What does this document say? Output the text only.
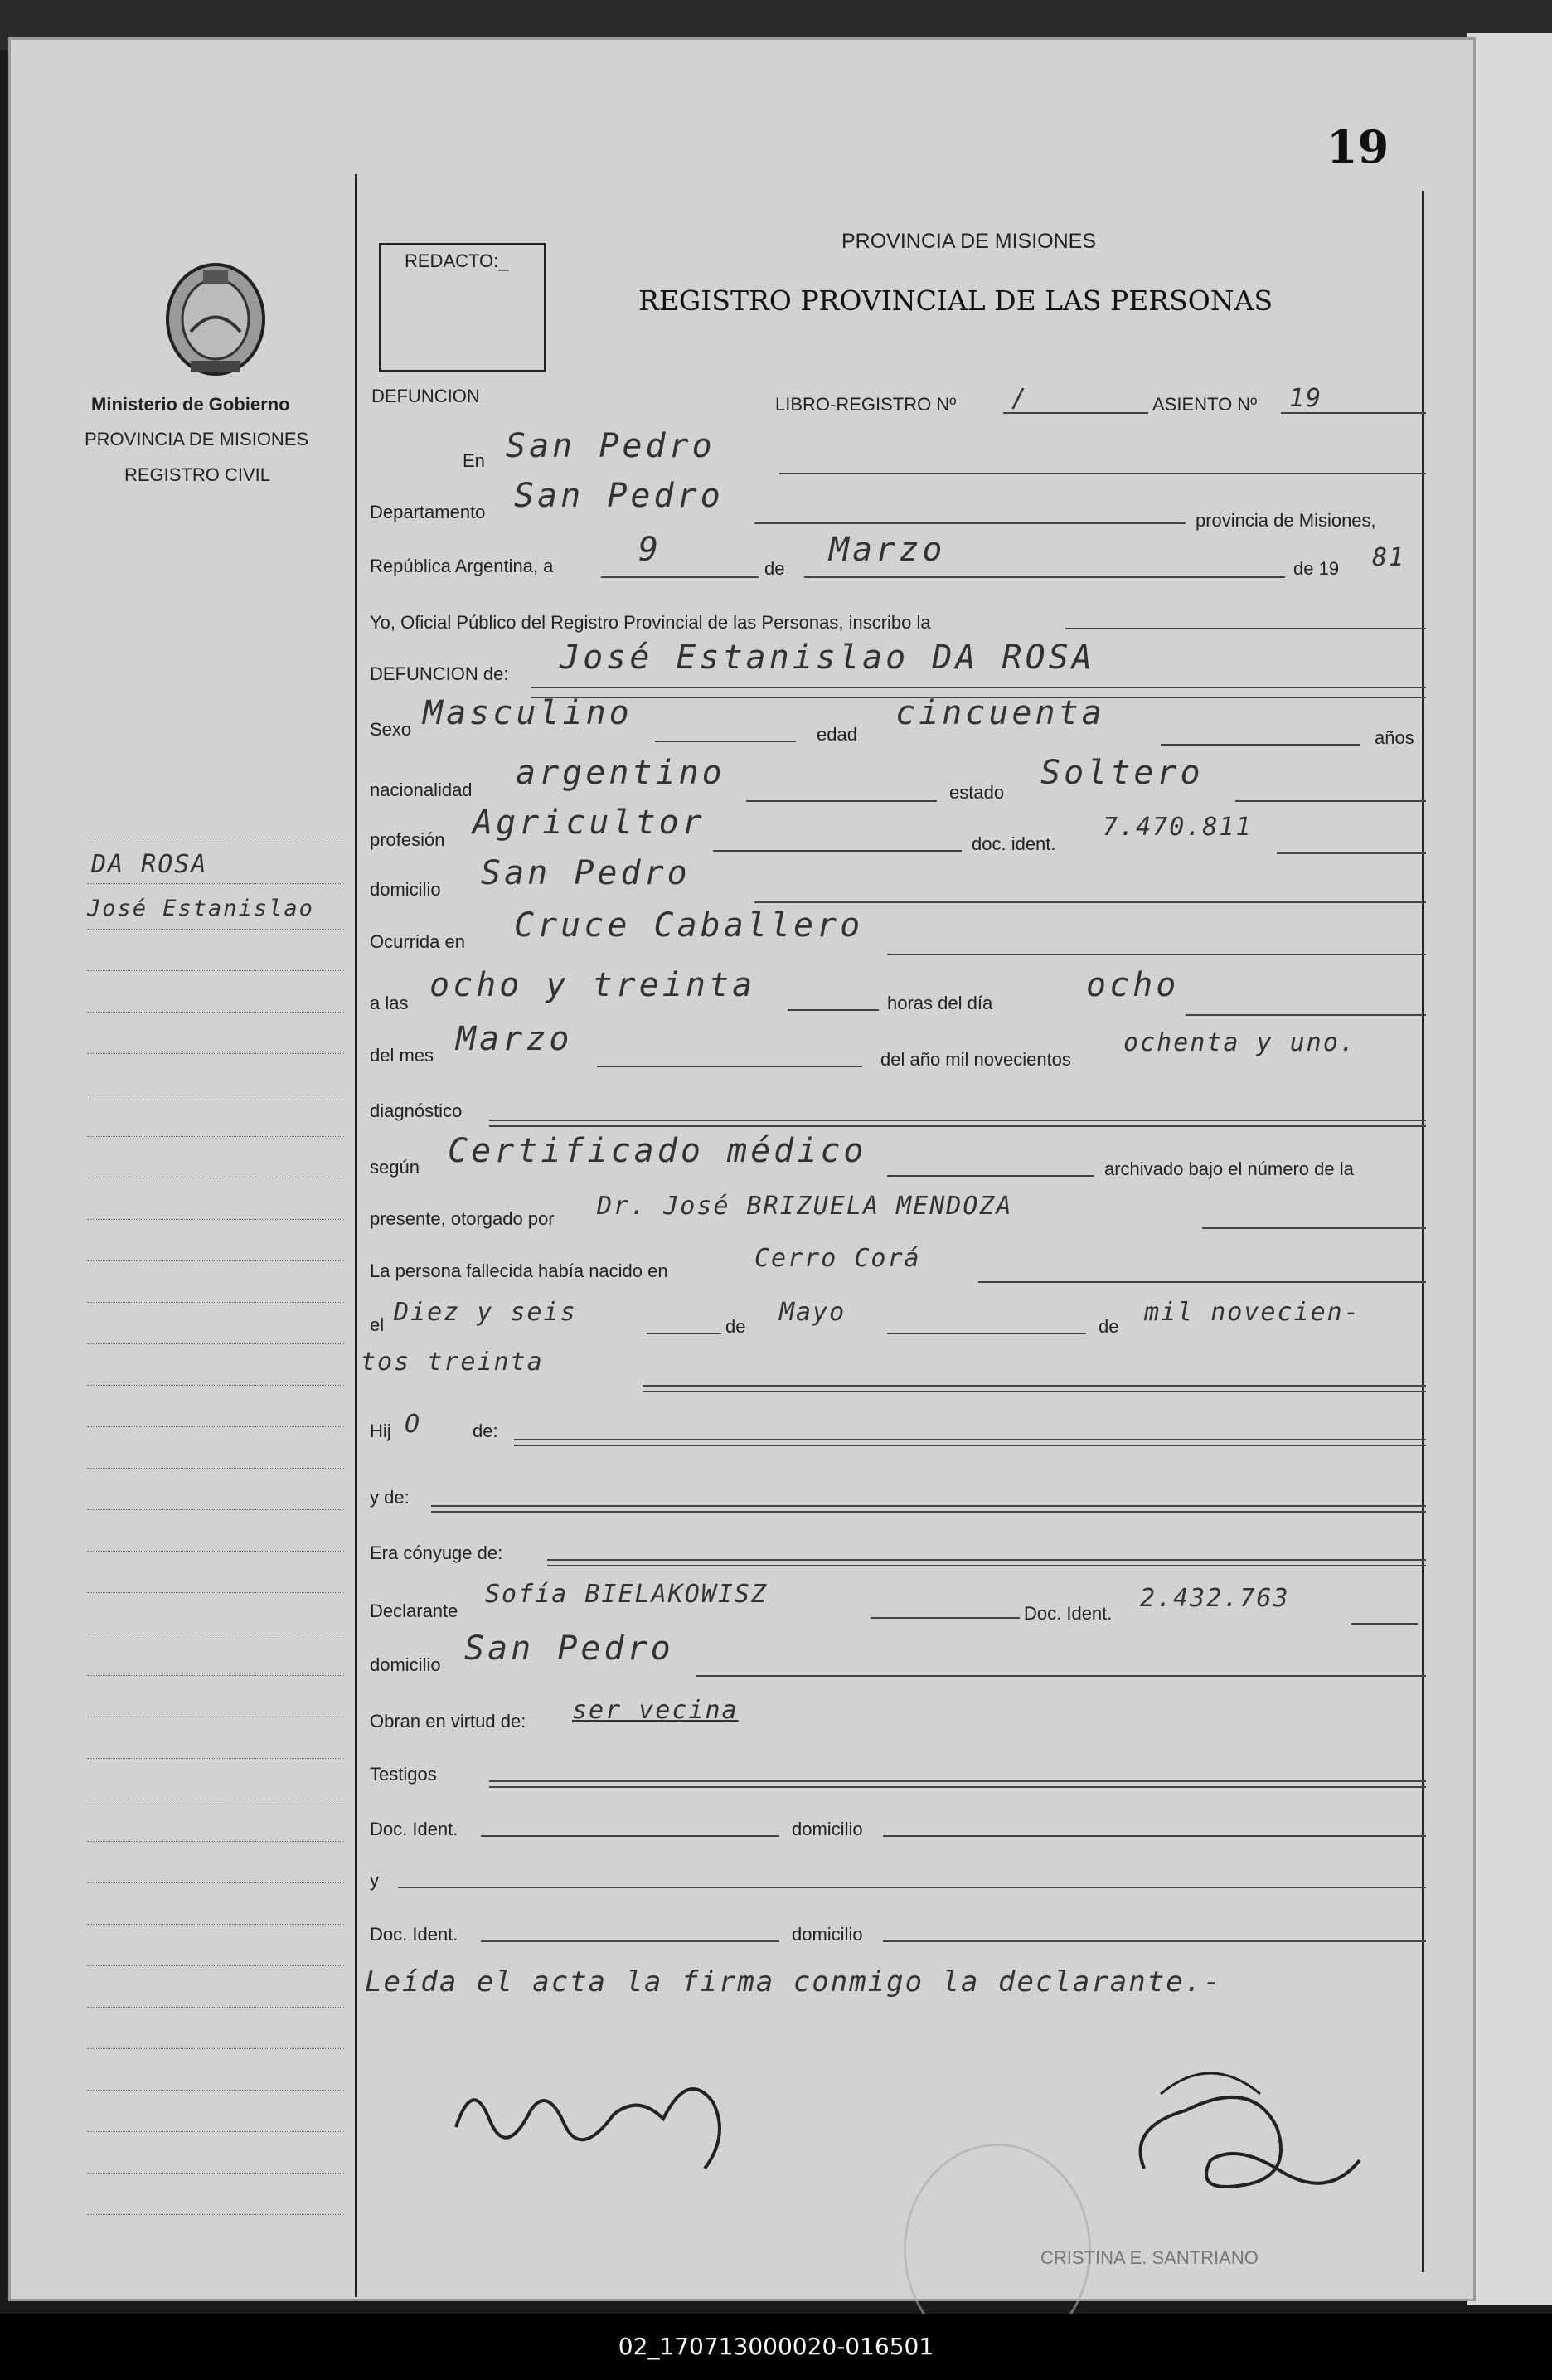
19
Ministerio de Gobierno
PROVINCIA DE MISIONES
REGISTRO CIVIL
DA ROSA
José Estanislao
REDACTO:_
PROVINCIA DE MISIONES
REGISTRO PROVINCIAL DE LAS PERSONAS
DEFUNCION	LIBRO-REGISTRO Nº /	ASIENTO Nº 19
En San Pedro
Departamento San Pedro
provincia de Misiones,
República Argentina, a	9	de Marzo	de 19 81
Yo, Oficial Público del Registro Provincial de las Personas, inscribo la
DEFUNCION de: José Estanislao DA ROSA
Sexo Masculino
edad
cincuenta
años
nacionalidad argentino
estado
Soltero
profesión Agricultor
doc. ident.
7.470.811
domicilio San Pedro
Ocurrida en Cruce Caballero
a las ocho y treinta	horas del día	ocho
del mes Marzo
del año mil novecientos
ochenta y uno.
diagnóstico
según Certificado médico	archivado bajo el número de la
presente, otorgado por Dr. José BRIZUELA MENDOZA
La persona fallecida había nacido en	Cerro Corá
el Diez y seis	de Mayo	de mil novecien-
tos treinta
Hij O	de:
y de:
Era cónyuge de:
Declarante
Sofía BIELAKOWISZ
Doc. Ident.
2.432.763
domicilio San Pedro
Obran en virtud de: ser vecina
Testigos
Doc. Ident.	domicilio
y
Doc. Ident.	domicilio
Leída el acta la firma conmigo la declarante.-
CRISTINA E. SANTRIANO
02_170713000020-016501
